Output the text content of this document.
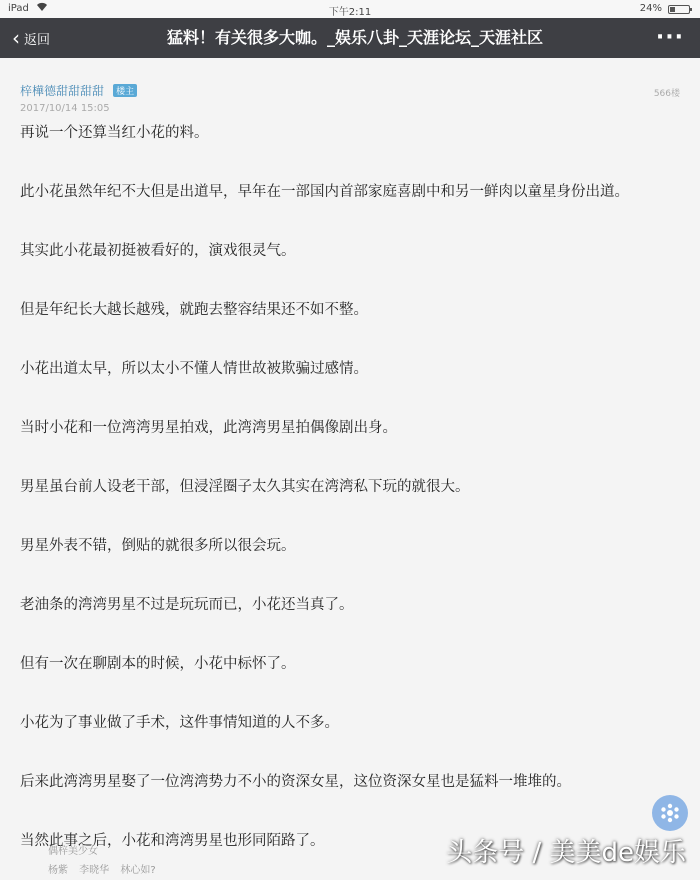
iPad	下午2:11	24%
‹ 返回	猛料！有关很多大咖。_娱乐八卦_天涯论坛_天涯社区	···
梓樺德甜甜甜甜 楼主
2017/10/14 15:05
566楼

再说一个还算当红小花的料。

此小花虽然年纪不大但是出道早，早年在一部国内首部家庭喜剧中和另一鲜肉以童星身份出道。

其实此小花最初挺被看好的，演戏很灵气。

但是年纪长大越长越残，就跑去整容结果还不如不整。

小花出道太早，所以太小不懂人情世故被欺骗过感情。

当时小花和一位湾湾男星拍戏，此湾湾男星拍偶像剧出身。

男星虽台前人设老干部，但浸淫圈子太久其实在湾湾私下玩的就很大。

男星外表不错，倒贴的就很多所以很会玩。

老油条的湾湾男星不过是玩玩而已，小花还当真了。

但有一次在聊剧本的时候，小花中标怀了。

小花为了事业做了手术，这件事情知道的人不多。

后来此湾湾男星娶了一位湾湾势力不小的资深女星，这位资深女星也是猛料一堆堆的。

当然此事之后，小花和湾湾男星也形同陌路了。

偶梓美少女
杨紫 李晓华 林心如?
头条号 / 美美de娱乐
